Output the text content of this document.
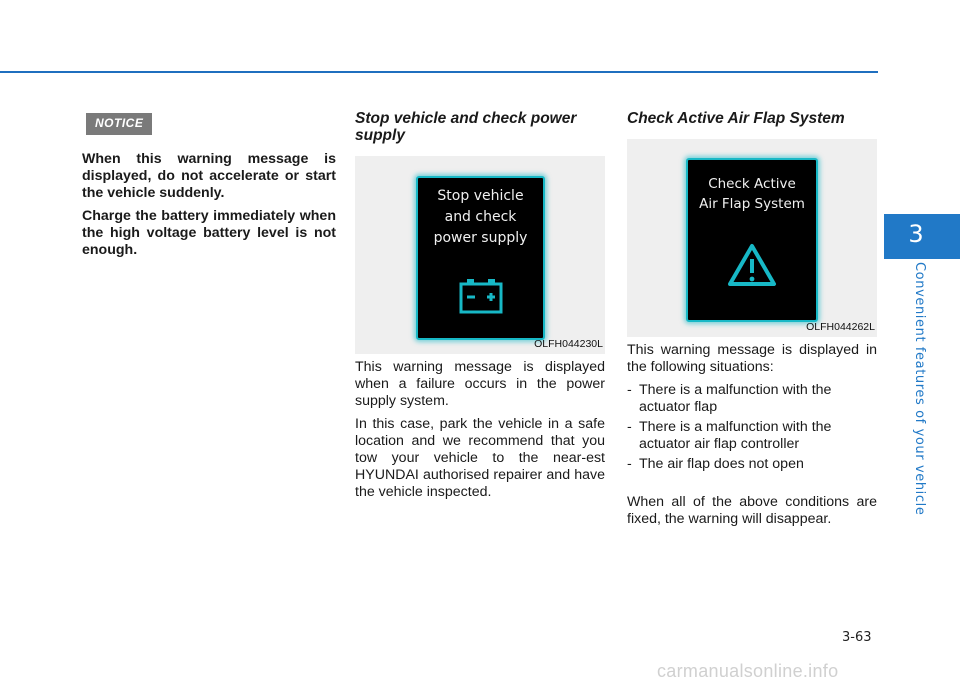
3
Convenient features of your vehicle
NOTICE

When this warning message is displayed, do not accelerate or start the vehicle suddenly.

Charge the battery immediately when the high voltage battery level is not enough.

Stop vehicle and check power supply
Stop vehicle
and check
power supply
OLFH044230L

This warning message is displayed when a failure occurs in the power supply system.

In this case, park the vehicle in a safe location and we recommend that you tow your vehicle to the near-est HYUNDAI authorised repairer and have the vehicle inspected.

Check Active Air Flap System
Check Active
Air Flap System
OLFH044262L

This warning message is displayed in the following situations:

- There is a malfunction with the actuator flap
- There is a malfunction with the actuator air flap controller
- The air flap does not open

When all of the above conditions are fixed, the warning will disappear.

3-63
carmanualsonline.info
